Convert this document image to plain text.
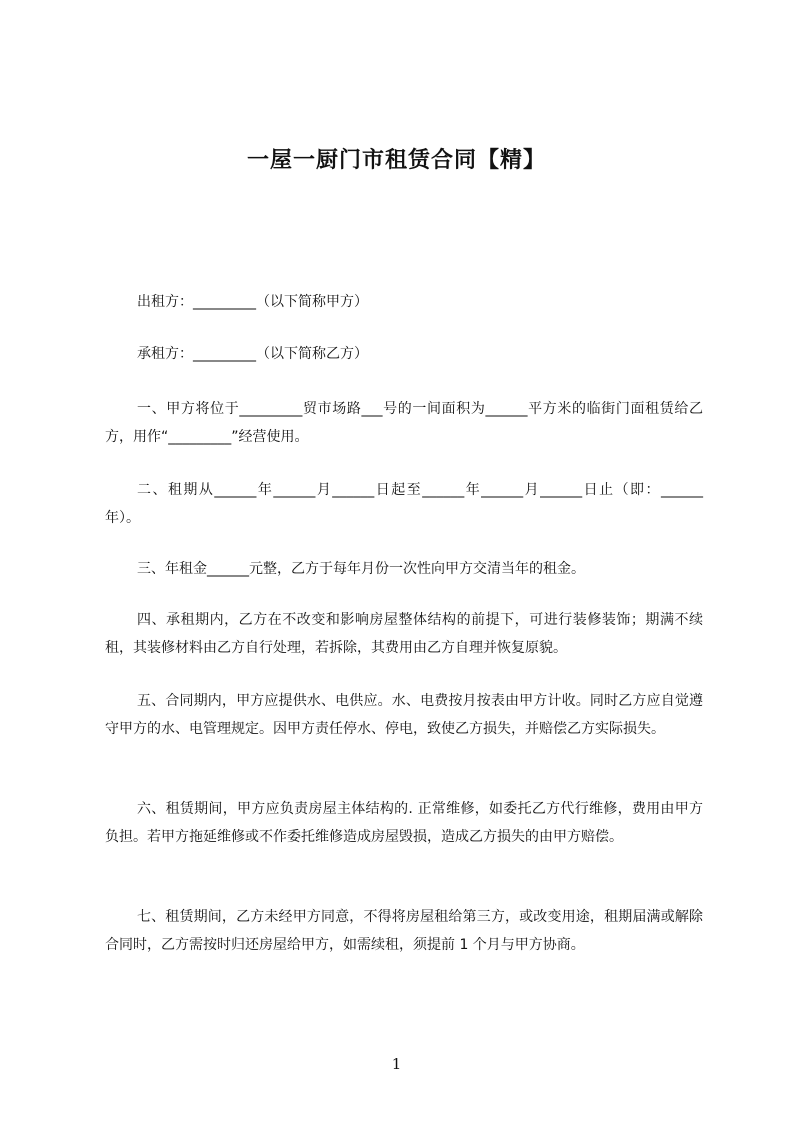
一屋一厨门市租赁合同【精】

出租方：_________（以下简称甲方）

承租方：_________（以下简称乙方）

一、甲方将位于_________贸市场路___号的一间面积为______平方米的临街门面租赁给乙方，用作“_________”经营使用。

二、租期从______年______月______日起至______年______月______日止（即：______年）。

三、年租金______元整，乙方于每年月份一次性向甲方交清当年的租金。

四、承租期内，乙方在不改变和影响房屋整体结构的前提下，可进行装修装饰；期满不续租，其装修材料由乙方自行处理，若拆除，其费用由乙方自理并恢复原貌。

五、合同期内，甲方应提供水、电供应。水、电费按月按表由甲方计收。同时乙方应自觉遵守甲方的水、电管理规定。因甲方责任停水、停电，致使乙方损失，并赔偿乙方实际损失。

六、租赁期间，甲方应负责房屋主体结构的. 正常维修，如委托乙方代行维修，费用由甲方负担。若甲方拖延维修或不作委托维修造成房屋毁损，造成乙方损失的由甲方赔偿。

七、租赁期间，乙方未经甲方同意，不得将房屋租给第三方，或改变用途，租期届满或解除合同时，乙方需按时归还房屋给甲方，如需续租，须提前 1 个月与甲方协商。

1
